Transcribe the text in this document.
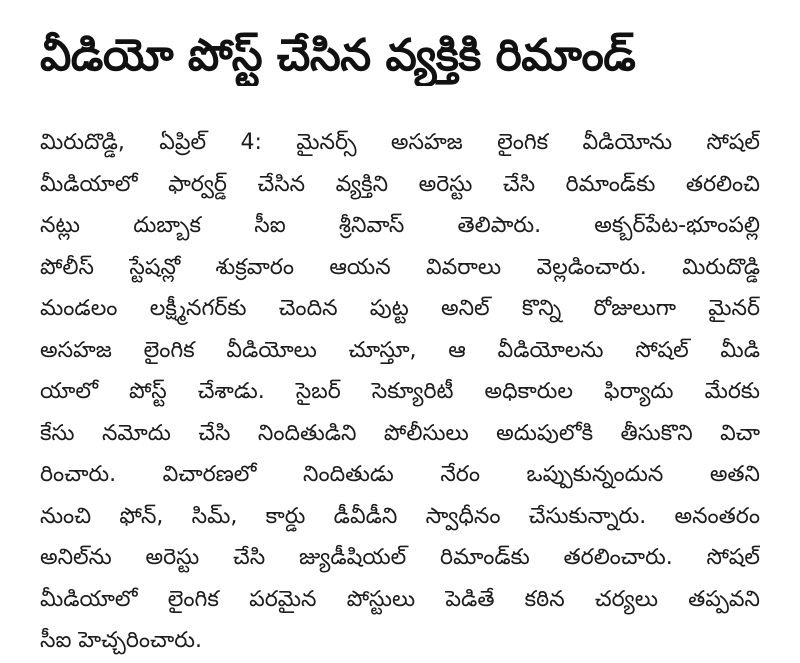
వీడియో పోస్ట్ చేసిన వ్యక్తికి రిమాండ్
మిరుదొడ్డి, ఏప్రిల్ 4: మైనర్స్ అసహజ లైంగిక వీడియోను సోషల్
మీడియాలో ఫార్వర్డ్ చేసిన వ్యక్తిని అరెస్టు చేసి రిమాండ్‌కు తరలించి
నట్లు దుబ్బాక సీఐ శ్రీనివాస్ తెలిపారు. అక్బర్‌పేట-భూంపల్లి
పోలీస్ స్టేషన్లో శుక్రవారం ఆయన వివరాలు వెల్లడించారు. మిరుదొడ్డి
మండలం లక్ష్మీనగర్‌కు చెందిన పుట్ట అనిల్ కొన్ని రోజులుగా మైనర్
అసహజ లైంగిక వీడియోలు చూస్తూ, ఆ వీడియోలను సోషల్ మీడి
యాలో పోస్ట్ చేశాడు. సైబర్ సెక్యూరిటీ అధికారుల ఫిర్యాదు మేరకు
కేసు నమోదు చేసి నిందితుడిని పోలీసులు అదుపులోకి తీసుకొని విచా
రించారు. విచారణలో నిందితుడు నేరం ఒప్పుకున్నందున అతని
నుంచి ఫోన్, సిమ్, కార్డు డీవీడీని స్వాధీనం చేసుకున్నారు. అనంతరం
అనిల్‌ను అరెస్టు చేసి జ్యుడీషియల్ రిమాండ్‌కు తరలించారు. సోషల్
మీడియాలో లైంగిక పరమైన పోస్టులు పెడితే కఠిన చర్యలు తప్పవని
సీఐ హెచ్చరించారు.
